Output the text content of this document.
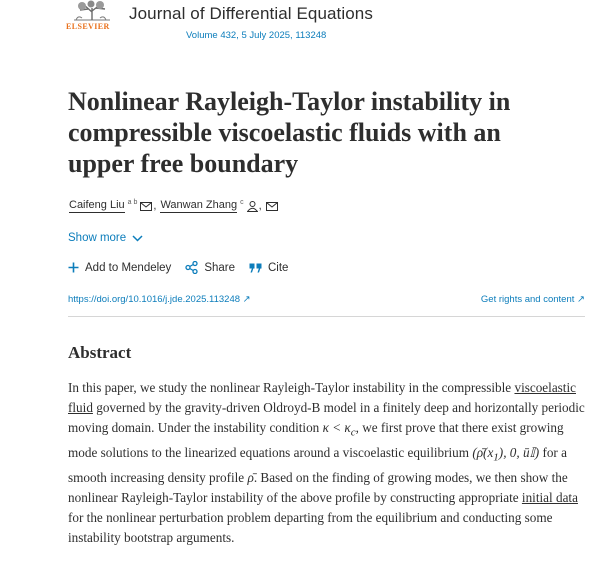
ELSEVIER
Journal of Differential Equations
Volume 432, 5 July 2025, 113248
Nonlinear Rayleigh-Taylor instability in compressible viscoelastic fluids with an upper free boundary
Caifeng Liu $^{a b}$ , Wanwan Zhang $^c$ ,
Show more
Add to Mendeley	Share	Cite
https://doi.org/10.1016/j.jde.2025.113248 ↗	Get rights and content ↗
Abstract
In this paper, we study the nonlinear Rayleigh-Taylor instability in the compressible viscoelastic fluid governed by the gravity-driven Oldroyd-B model in a finitely deep and horizontally periodic moving domain. Under the instability condition $\kappa < \kappa_c$, we first prove that there exist growing mode solutions to the linearized equations around a viscoelastic equilibrium ($\rhō(x_1)$, 0, ū𝕀) for a smooth increasing density profile ρ̄. Based on the finding of growing modes, we then show the nonlinear Rayleigh-Taylor instability of the above profile by constructing appropriate initial data for the nonlinear perturbation problem departing from the equilibrium and conducting some instability bootstrap arguments.
